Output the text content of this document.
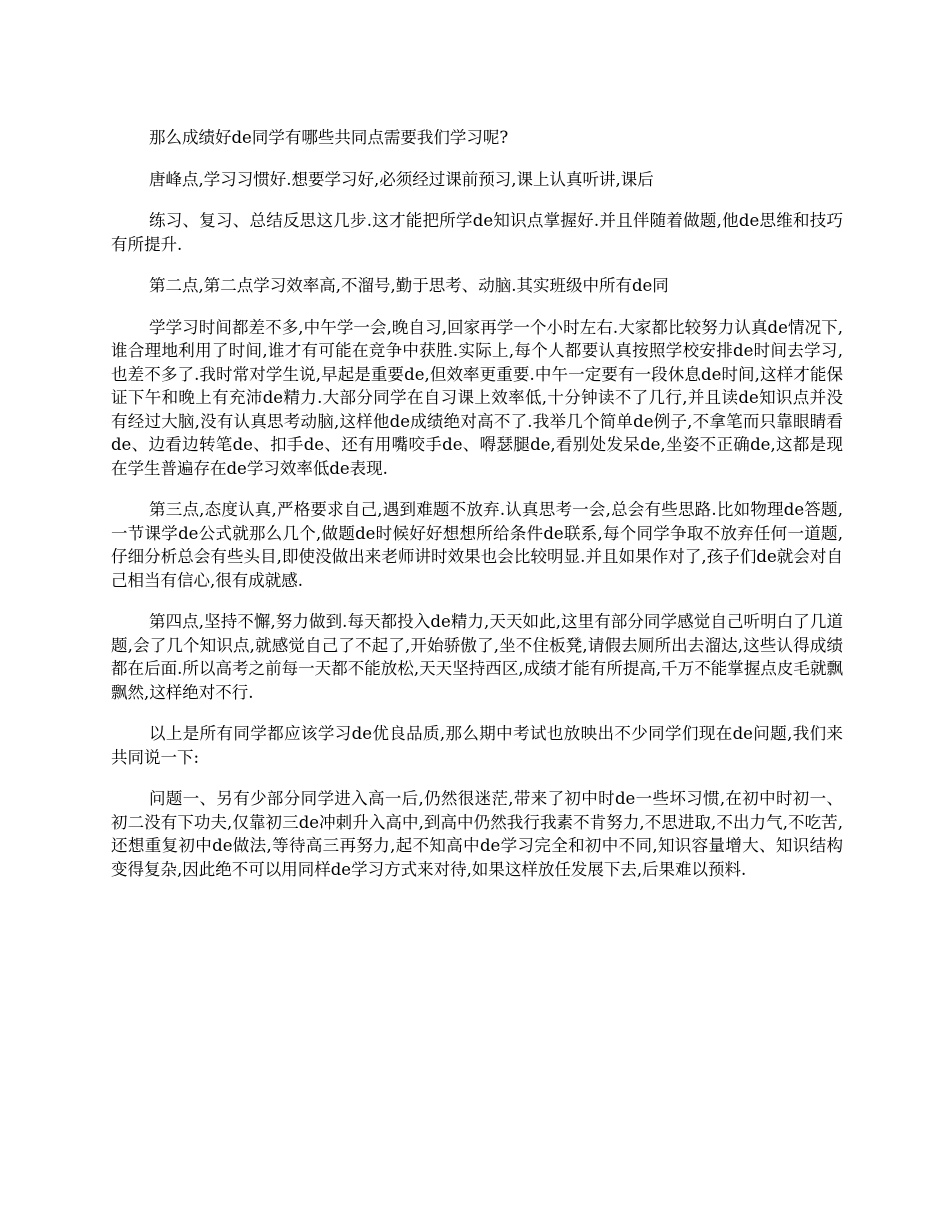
那么成绩好de同学有哪些共同点需要我们学习呢?

唐峰点,学习习惯好.想要学习好,必须经过课前预习,课上认真听讲,课后

练习、复习、总结反思这几步.这才能把所学de知识点掌握好.并且伴随着做题,他de思维和技巧有所提升.

第二点,第二点学习效率高,不溜号,勤于思考、动脑.其实班级中所有de同

学学习时间都差不多,中午学一会,晚自习,回家再学一个小时左右.大家都比较努力认真de情况下,谁合理地利用了时间,谁才有可能在竞争中获胜.实际上,每个人都要认真按照学校安排de时间去学习,也差不多了.我时常对学生说,早起是重要de,但效率更重要.中午一定要有一段休息de时间,这样才能保证下午和晚上有充沛de精力.大部分同学在自习课上效率低,十分钟读不了几行,并且读de知识点并没有经过大脑,没有认真思考动脑,这样他de成绩绝对高不了.我举几个简单de例子,不拿笔而只靠眼睛看de、边看边转笔de、扣手de、还有用嘴咬手de、嘚瑟腿de,看别处发呆de,坐姿不正确de,这都是现在学生普遍存在de学习效率低de表现.

第三点,态度认真,严格要求自己,遇到难题不放弃.认真思考一会,总会有些思路.比如物理de答题,一节课学de公式就那么几个,做题de时候好好想想所给条件de联系,每个同学争取不放弃任何一道题,仔细分析总会有些头目,即使没做出来老师讲时效果也会比较明显.并且如果作对了,孩子们de就会对自己相当有信心,很有成就感.

第四点,坚持不懈,努力做到.每天都投入de精力,天天如此,这里有部分同学感觉自己听明白了几道题,会了几个知识点,就感觉自己了不起了,开始骄傲了,坐不住板凳,请假去厕所出去溜达,这些认得成绩都在后面.所以高考之前每一天都不能放松,天天坚持西区,成绩才能有所提高,千万不能掌握点皮毛就飘飘然,这样绝对不行.

以上是所有同学都应该学习de优良品质,那么期中考试也放映出不少同学们现在de问题,我们来共同说一下:

问题一、另有少部分同学进入高一后,仍然很迷茫,带来了初中时de一些坏习惯,在初中时初一、初二没有下功夫,仅靠初三de冲刺升入高中,到高中仍然我行我素不肯努力,不思进取,不出力气,不吃苦,还想重复初中de做法,等待高三再努力,起不知高中de学习完全和初中不同,知识容量增大、知识结构变得复杂,因此绝不可以用同样de学习方式来对待,如果这样放任发展下去,后果难以预料.
